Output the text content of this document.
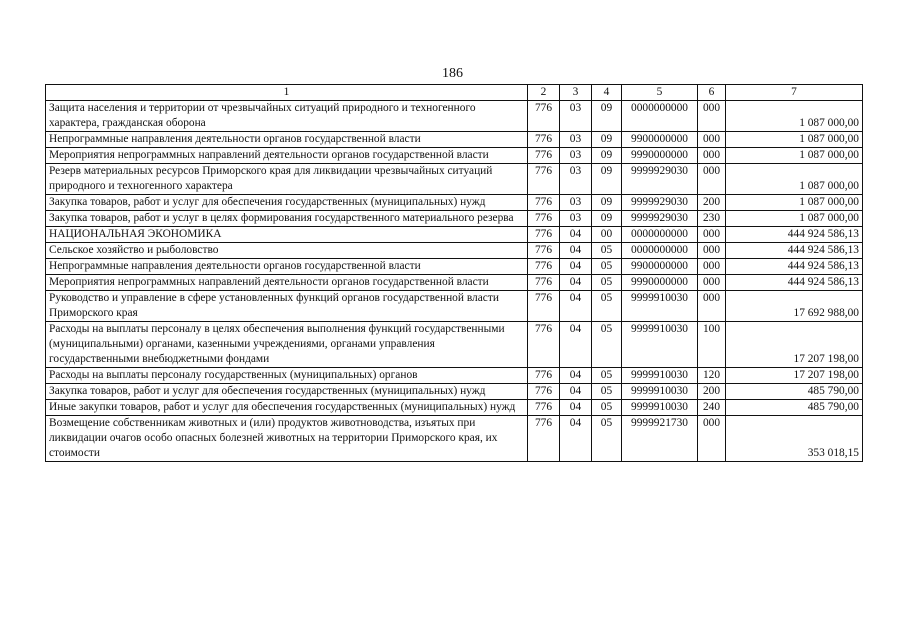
186
1	2	3	4	5	6	7
Защита населения и территории от чрезвычайных ситуаций природного и техногенного характера, гражданская оборона	776	03	09	0000000000	000	1 087 000,00
Непрограммные направления деятельности органов государственной власти	776	03	09	9900000000	000	1 087 000,00
Мероприятия непрограммных направлений деятельности органов государственной власти	776	03	09	9990000000	000	1 087 000,00
Резерв материальных ресурсов Приморского края для ликвидации чрезвычайных ситуаций природного и техногенного характера	776	03	09	9999929030	000	1 087 000,00
Закупка товаров, работ и услуг для обеспечения государственных (муниципальных) нужд	776	03	09	9999929030	200	1 087 000,00
Закупка товаров, работ и услуг в целях формирования государственного материального резерва	776	03	09	9999929030	230	1 087 000,00
НАЦИОНАЛЬНАЯ ЭКОНОМИКА	776	04	00	0000000000	000	444 924 586,13
Сельское хозяйство и рыболовство	776	04	05	0000000000	000	444 924 586,13
Непрограммные направления деятельности органов государственной власти	776	04	05	9900000000	000	444 924 586,13
Мероприятия непрограммных направлений деятельности органов государственной власти	776	04	05	9990000000	000	444 924 586,13
Руководство и управление в сфере установленных функций органов государственной власти Приморского края	776	04	05	9999910030	000	17 692 988,00
Расходы на выплаты персоналу в целях обеспечения выполнения функций государственными (муниципальными) органами, казенными учреждениями, органами управления государственными внебюджетными фондами	776	04	05	9999910030	100	17 207 198,00
Расходы на выплаты персоналу государственных (муниципальных) органов	776	04	05	9999910030	120	17 207 198,00
Закупка товаров, работ и услуг для обеспечения государственных (муниципальных) нужд	776	04	05	9999910030	200	485 790,00
Иные закупки товаров, работ и услуг для обеспечения государственных (муниципальных) нужд	776	04	05	9999910030	240	485 790,00
Возмещение собственникам животных и (или) продуктов животноводства, изъятых при ликвидации очагов особо опасных болезней животных на территории Приморского края, их стоимости	776	04	05	9999921730	000	353 018,15
